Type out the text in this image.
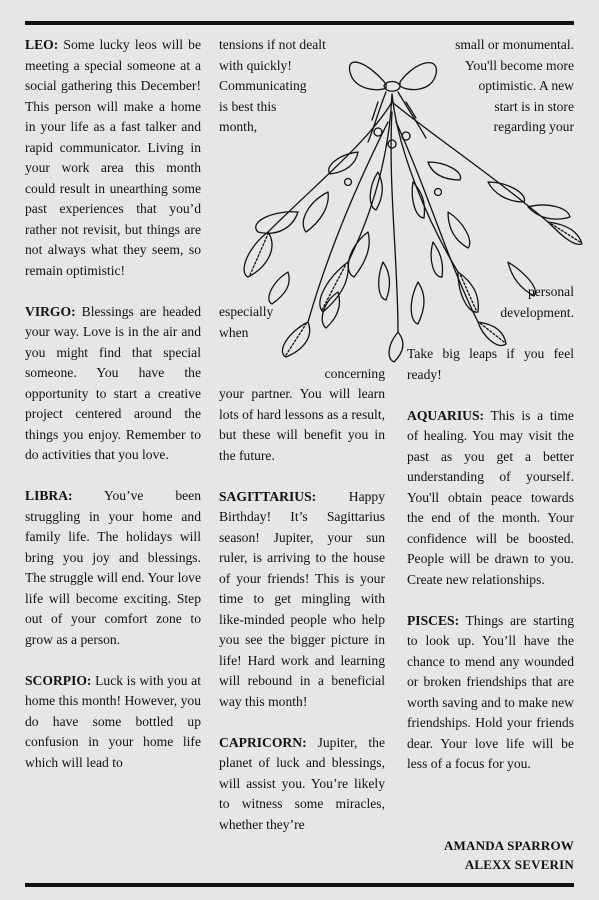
LEO: Some lucky leos will be meeting a special someone at a social gathering this December! This person will make a home in your life as a fast talker and rapid communicator. Living in your work area this month could result in unearthing some past experiences that you’d rather not revisit, but things are not always what they seem, so remain optimistic!

VIRGO: Blessings are headed your way. Love is in the air and you might find that special someone. You have the opportunity to start a creative project centered around the things you enjoy. Remember to do activities that you love.

LIBRA: You’ve been struggling in your home and family life. The holidays will bring you joy and blessings. The struggle will end. Your love life will become exciting. Step out of your comfort zone to grow as a person.

SCORPIO: Luck is with you at home this month! However, you do have some bottled up confusion in your home life which will lead to

tensions if not dealt
with quickly!
Communicating
is best this
month,
especially
when
concerning

your partner. You will learn lots of hard lessons as a result, but these will benefit you in the future.

SAGITTARIUS: Happy Birthday! It’s Sagittarius season! Jupiter, your sun ruler, is arriving to the house of your friends! This is your time to get mingling with like-minded people who help you see the bigger picture in life! Hard work and learning will rebound in a beneficial way this month!

CAPRICORN: Jupiter, the planet of luck and blessings, will assist you. You’re likely to witness some miracles, whether they’re

small or monumental.
You'll become more
optimistic. A new
start is in store
regarding your
personal
development.

Take big leaps if you feel ready!

AQUARIUS: This is a time of healing. You may visit the past as you get a better understanding of yourself. You'll obtain peace towards the end of the month. Your confidence will be boosted. People will be drawn to you. Create new relationships.

PISCES: Things are starting to look up. You’ll have the chance to mend any wounded or broken friendships that are worth saving and to make new friendships. Hold your friends dear. Your love life will be less of a focus for you.

AMANDA SPARROW
ALEXX SEVERIN
